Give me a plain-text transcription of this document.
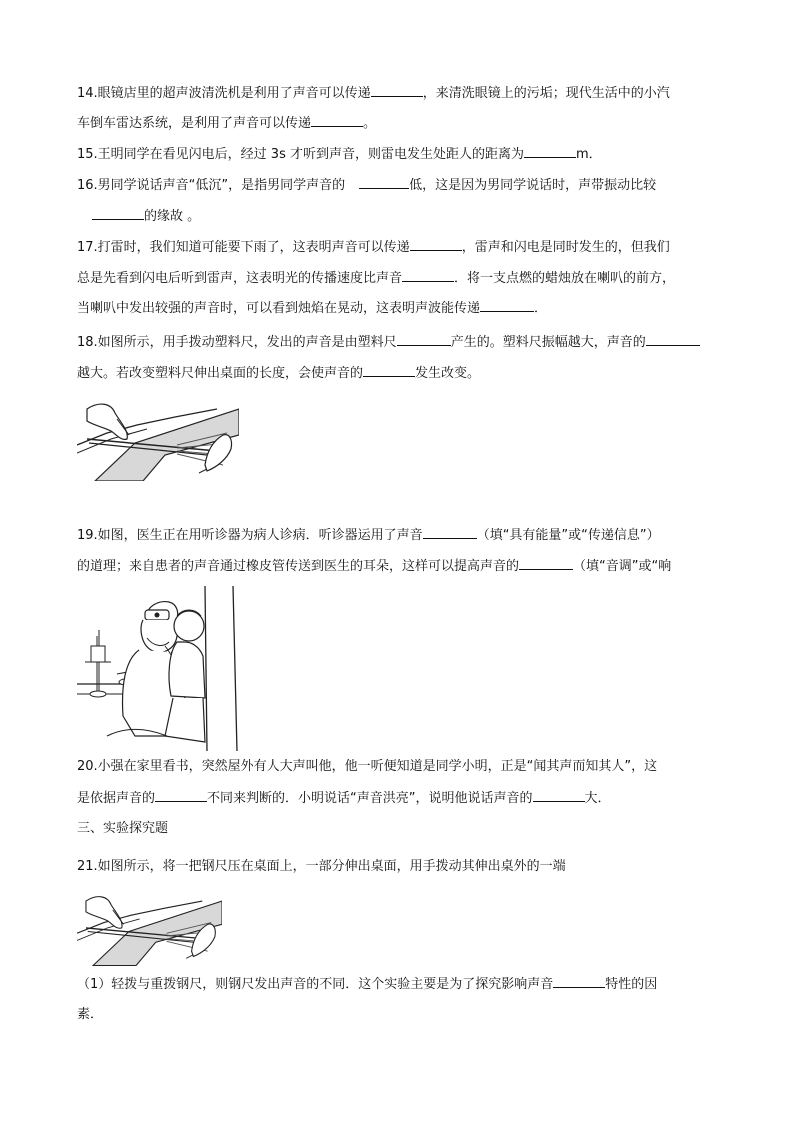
14.眼镜店里的超声波清洗机是利用了声音可以传递	，来清洗眼镜上的污垢；现代生活中的小汽
车倒车雷达系统，是利用了声音可以传递	。
15.王明同学在看见闪电后，经过 3s 才听到声音，则雷电发生处距人的距离为	m．
16.男同学说话声音“低沉”，是指男同学声音的	低，这是因为男同学说话时，声带振动比较
的缘故 。
17.打雷时，我们知道可能要下雨了，这表明声音可以传递	，雷声和闪电是同时发生的，但我们
总是先看到闪电后听到雷声，这表明光的传播速度比声音	．将一支点燃的蜡烛放在喇叭的前方，
当喇叭中发出较强的声音时，可以看到烛焰在晃动，这表明声波能传递	．
18.如图所示，用手拨动塑料尺，发出的声音是由塑料尺	产生的。塑料尺振幅越大，声音的
越大。若改变塑料尺伸出桌面的长度，会使声音的	发生改变。
19.如图，医生正在用听诊器为病人诊病．听诊器运用了声音	（填“具有能量”或“传递信息”）
的道理；来自患者的声音通过橡皮管传送到医生的耳朵，这样可以提高声音的	（填“音调”或“响
20.小强在家里看书，突然屋外有人大声叫他，他一听便知道是同学小明，正是“闻其声而知其人”，这
是依据声音的	不同来判断的．小明说话“声音洪亮”，说明他说话声音的	大．
三、实验探究题
21.如图所示，将一把钢尺压在桌面上，一部分伸出桌面，用手拨动其伸出桌外的一端
（1）轻拨与重拨钢尺，则钢尺发出声音的不同．这个实验主要是为了探究影响声音	特性的因
素．
